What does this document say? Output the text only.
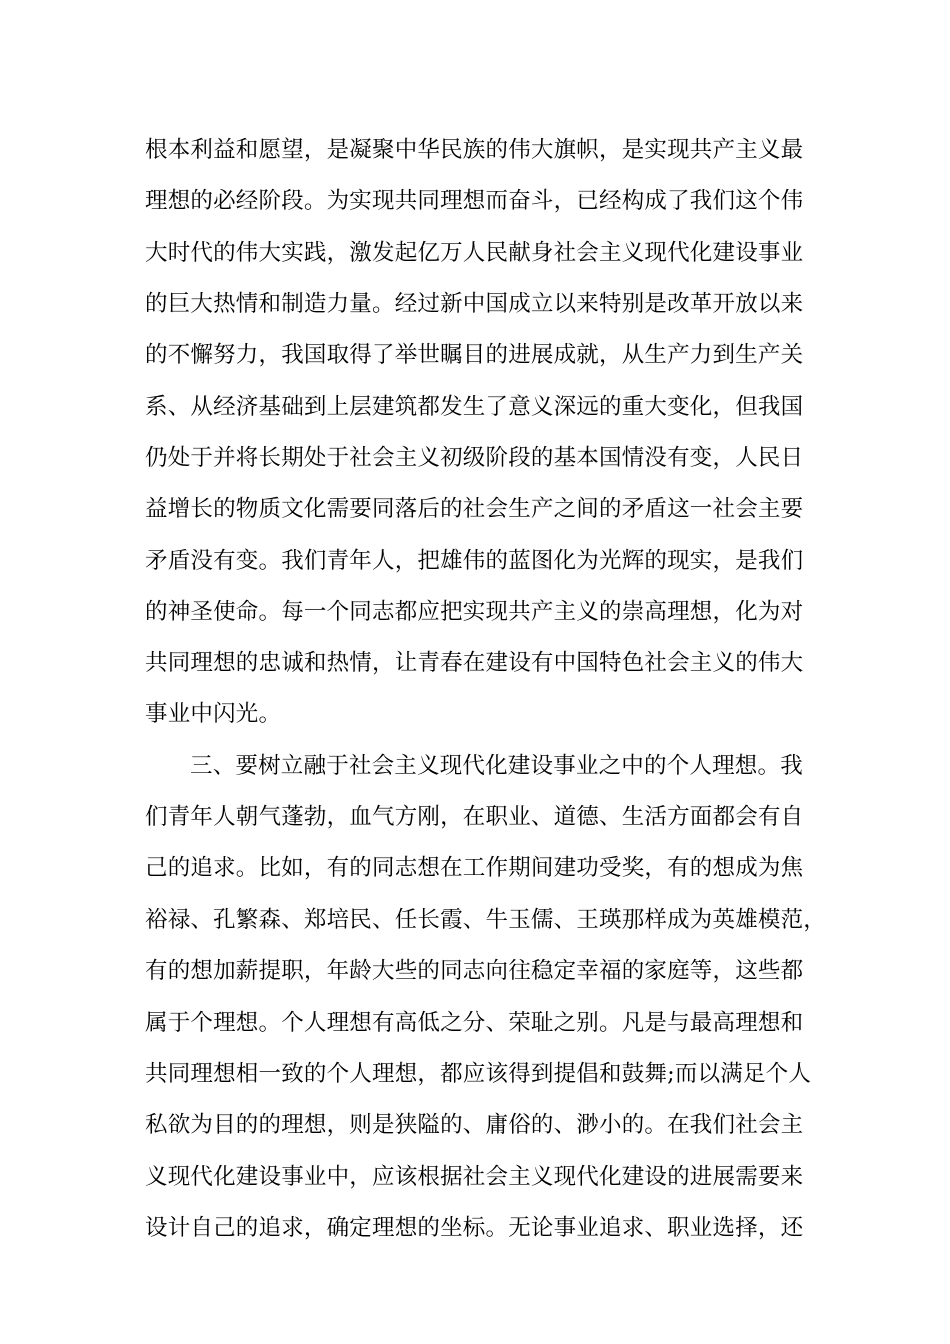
根本利益和愿望，是凝聚中华民族的伟大旗帜，是实现共产主义最
理想的必经阶段。为实现共同理想而奋斗，已经构成了我们这个伟
大时代的伟大实践，激发起亿万人民献身社会主义现代化建设事业
的巨大热情和制造力量。经过新中国成立以来特别是改革开放以来
的不懈努力，我国取得了举世瞩目的进展成就，从生产力到生产关
系、从经济基础到上层建筑都发生了意义深远的重大变化，但我国
仍处于并将长期处于社会主义初级阶段的基本国情没有变，人民日
益增长的物质文化需要同落后的社会生产之间的矛盾这一社会主要
矛盾没有变。我们青年人，把雄伟的蓝图化为光辉的现实，是我们
的神圣使命。每一个同志都应把实现共产主义的崇高理想，化为对
共同理想的忠诚和热情，让青春在建设有中国特色社会主义的伟大
事业中闪光。
三、要树立融于社会主义现代化建设事业之中的个人理想。我
们青年人朝气蓬勃，血气方刚，在职业、道德、生活方面都会有自
己的追求。比如，有的同志想在工作期间建功受奖，有的想成为焦
裕禄、孔繁森、郑培民、任长霞、牛玉儒、王瑛那样成为英雄模范，
有的想加薪提职，年龄大些的同志向往稳定幸福的家庭等，这些都
属于个理想。个人理想有高低之分、荣耻之别。凡是与最高理想和
共同理想相一致的个人理想，都应该得到提倡和鼓舞;而以满足个人
私欲为目的的理想，则是狭隘的、庸俗的、渺小的。在我们社会主
义现代化建设事业中，应该根据社会主义现代化建设的进展需要来
设计自己的追求，确定理想的坐标。无论事业追求、职业选择，还
